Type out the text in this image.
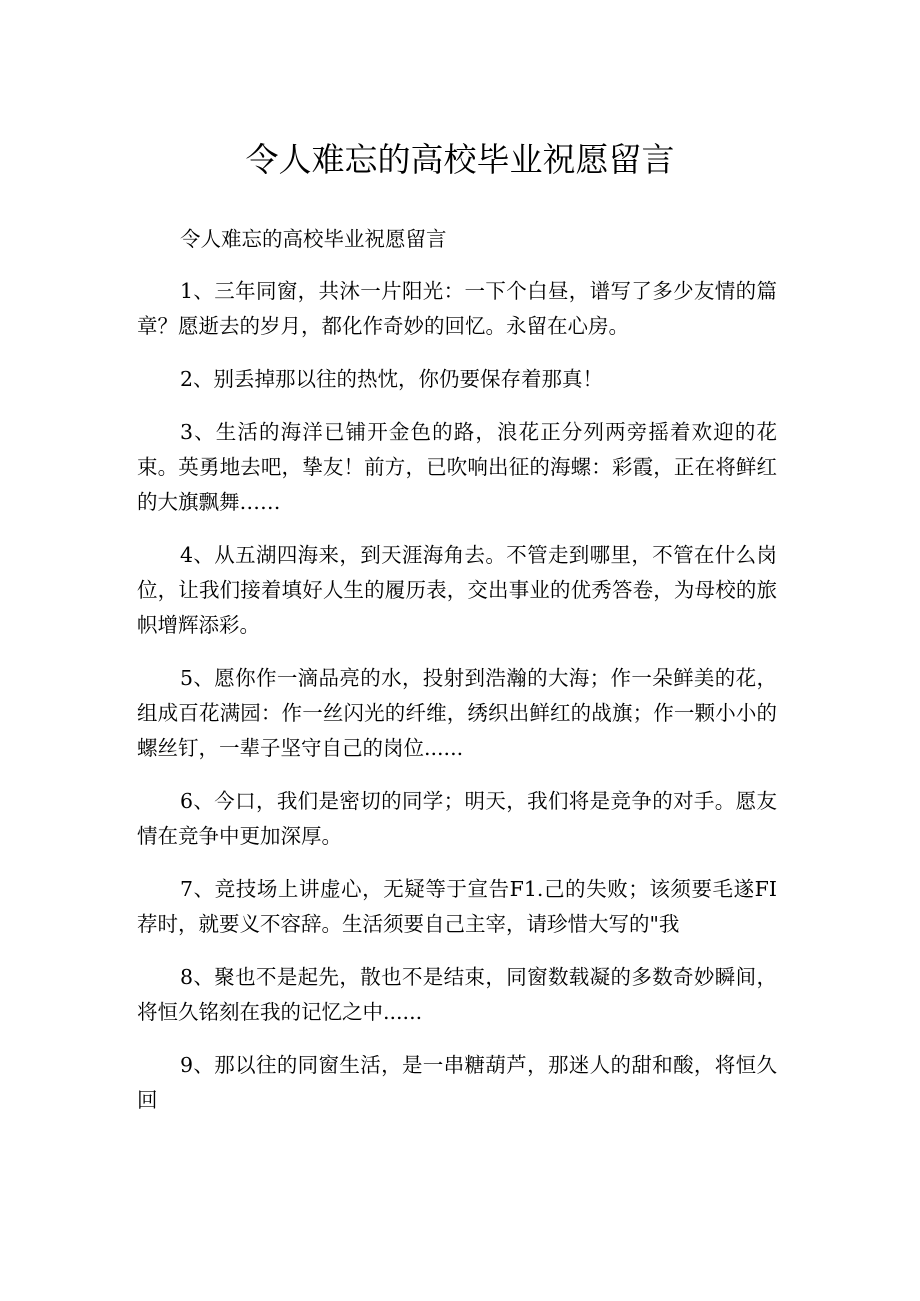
令人难忘的高校毕业祝愿留言

令人难忘的高校毕业祝愿留言

1、三年同窗，共沐一片阳光：一下个白昼，谱写了多少友情的篇章？愿逝去的岁月，都化作奇妙的回忆。永留在心房。

2、别丢掉那以往的热忱，你仍要保存着那真！

3、生活的海洋已铺开金色的路，浪花正分列两旁摇着欢迎的花束。英勇地去吧，挚友！前方，已吹响出征的海螺：彩霞，正在将鲜红的大旗飘舞……

4、从五湖四海来，到天涯海角去。不管走到哪里，不管在什么岗位，让我们接着填好人生的履历表，交出事业的优秀答卷，为母校的旅帜增辉添彩。

5、愿你作一滴品亮的水，投射到浩瀚的大海；作一朵鲜美的花，组成百花满园：作一丝闪光的纤维，绣织出鲜红的战旗；作一颗小小的螺丝钉，一辈子坚守自己的岗位......

6、今口，我们是密切的同学；明天，我们将是竞争的对手。愿友情在竞争中更加深厚。

7、竞技场上讲虚心，无疑等于宣告F1.己的失败；该须要毛遂FI荐时，就要义不容辞。生活须要自己主宰，请珍惜大写的"我

8、聚也不是起先，散也不是结束，同窗数载凝的多数奇妙瞬间，将恒久铭刻在我的记忆之中......

9、那以往的同窗生活，是一串糖葫芦，那迷人的甜和酸，将恒久回
